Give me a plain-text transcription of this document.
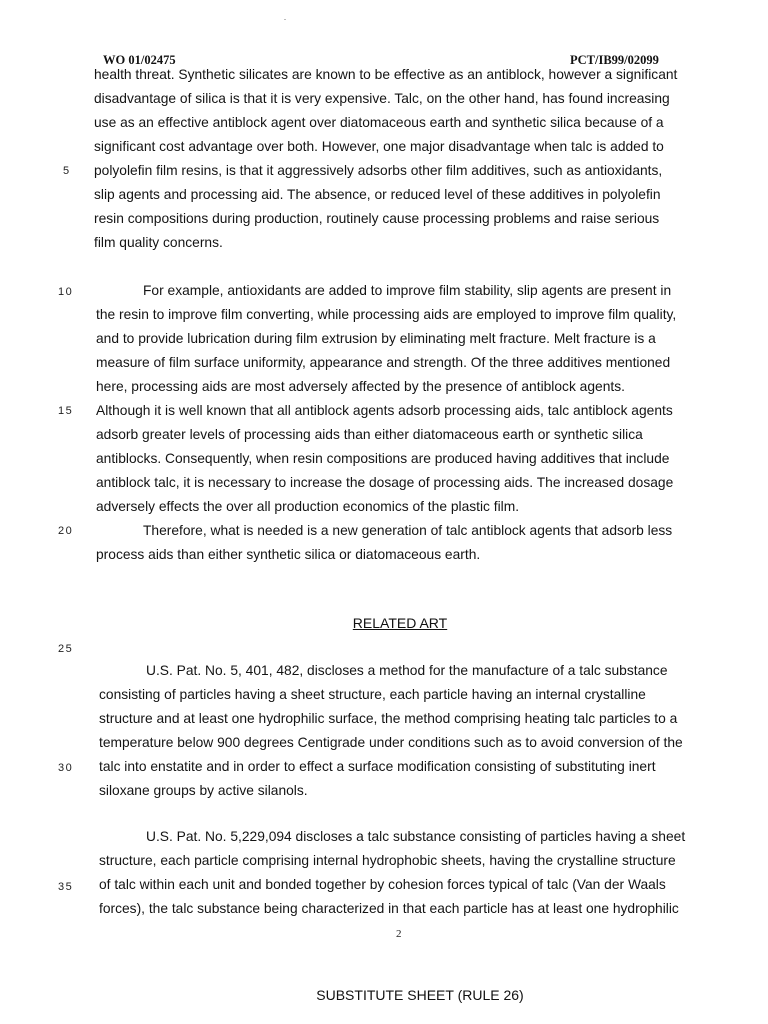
WO 01/02475	PCT/IB99/02099
health threat. Synthetic silicates are known to be effective as an antiblock, however a significant
disadvantage of silica is that it is very expensive. Talc, on the other hand, has found increasing
use as an effective antiblock agent over diatomaceous earth and synthetic silica because of a
significant cost advantage over both. However, one major disadvantage when talc is added to
polyolefin film resins, is that it aggressively adsorbs other film additives, such as antioxidants,
slip agents and processing aid. The absence, or reduced level of these additives in polyolefin
resin compositions during production, routinely cause processing problems and raise serious
film quality concerns.
For example, antioxidants are added to improve film stability, slip agents are present in
the resin to improve film converting, while processing aids are employed to improve film quality,
and to provide lubrication during film extrusion by eliminating melt fracture. Melt fracture is a
measure of film surface uniformity, appearance and strength. Of the three additives mentioned
here, processing aids are most adversely affected by the presence of antiblock agents.
Although it is well known that all antiblock agents adsorb processing aids, talc antiblock agents
adsorb greater levels of processing aids than either diatomaceous earth or synthetic silica
antiblocks. Consequently, when resin compositions are produced having additives that include
antiblock talc, it is necessary to increase the dosage of processing aids. The increased dosage
adversely effects the over all production economics of the plastic film.
Therefore, what is needed is a new generation of talc antiblock agents that adsorb less
process aids than either synthetic silica or diatomaceous earth.
RELATED ART
U.S. Pat. No. 5, 401, 482, discloses a method for the manufacture of a talc substance
consisting of particles having a sheet structure, each particle having an internal crystalline
structure and at least one hydrophilic surface, the method comprising heating talc particles to a
temperature below 900 degrees Centigrade under conditions such as to avoid conversion of the
talc into enstatite and in order to effect a surface modification consisting of substituting inert
siloxane groups by active silanols.
U.S. Pat. No. 5,229,094 discloses a talc substance consisting of particles having a sheet
structure, each particle comprising internal hydrophobic sheets, having the crystalline structure
of talc within each unit and bonded together by cohesion forces typical of talc (Van der Waals
forces), the talc substance being characterized in that each particle has at least one hydrophilic
5
10
15
20
25
30
35
2
SUBSTITUTE SHEET (RULE 26)
